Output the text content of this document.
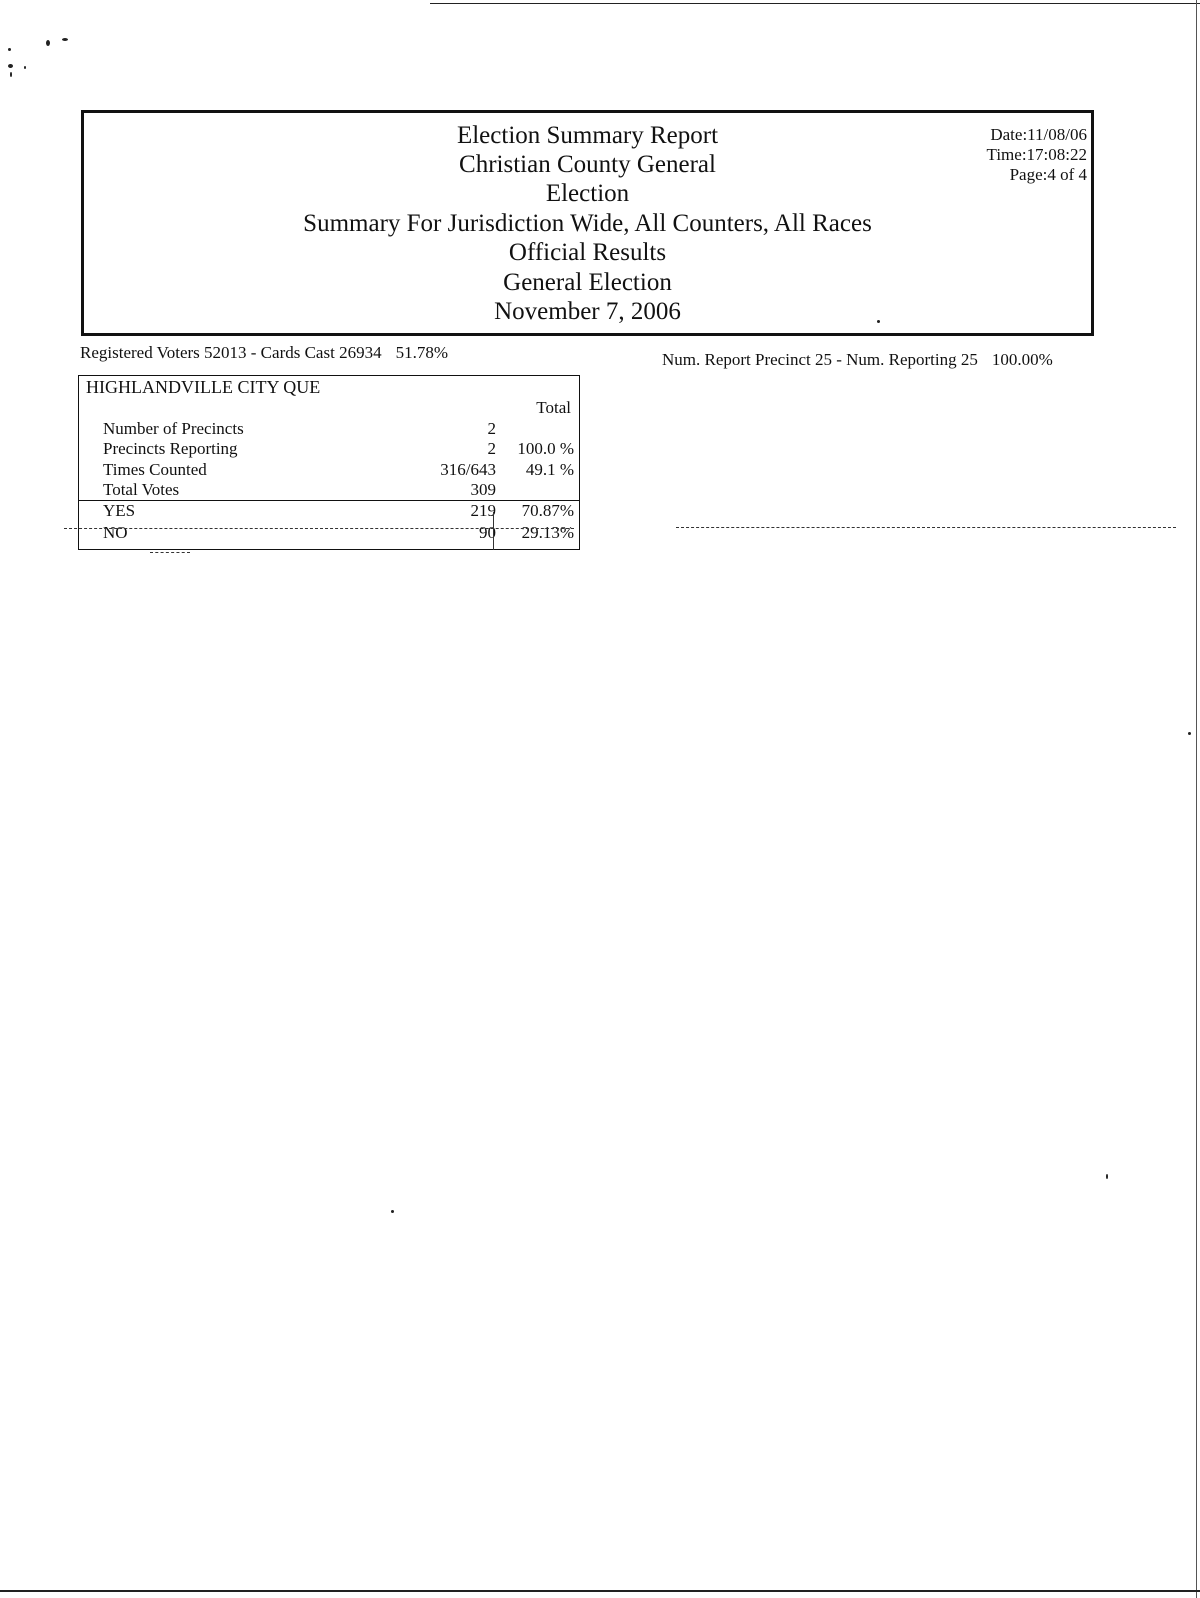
Election Summary Report
Christian County General
Election
Summary For Jurisdiction Wide, All Counters, All Races
Official Results
General Election
November 7, 2006
Date:11/08/06
Time:17:08:22
Page:4 of 4
Registered Voters 52013 - Cards Cast 26934 51.78%	Num. Report Precinct 25 - Num. Reporting 25 100.00%
HIGHLANDVILLE CITY QUE
Total
Number of Precincts	2
Precincts Reporting	2 100.0 %
Times Counted	316/643 49.1 %
Total Votes	309
YES	219 70.87%
NO	90 29.13%
